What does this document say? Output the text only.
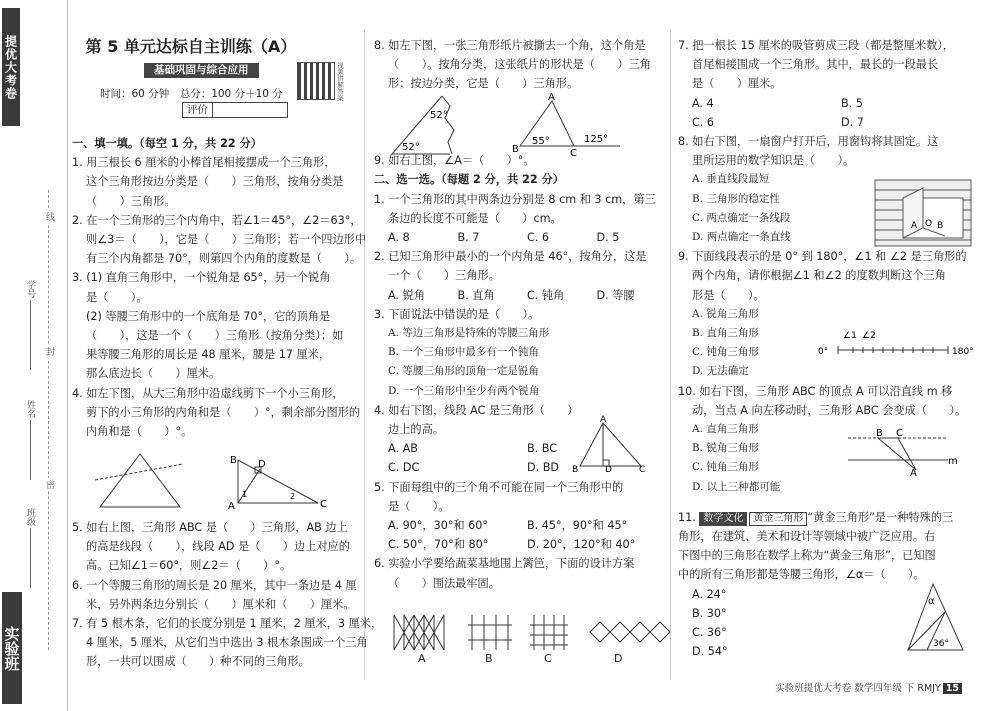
提优大考卷
线
封
密
学号
姓名
班级
实验班
第 5 单元达标自主训练（A）
基础巩固与综合应用
时间：60 分钟　总分：100 分＋10 分
评价
视频讲解答案

一、填一填。（每空 1 分，共 22 分）

1. 用三根长 6 厘米的小棒首尾相接摆成一个三角形，

这个三角形按边分类是（　　）三角形，按角分类是

（　　）三角形。

2. 在一个三角形的三个内角中，若∠1＝45°，∠2＝63°，

则∠3＝（　　），它是（　　）三角形；若一个四边形中

有三个内角都是 70°，则第四个内角的度数是（　　）。

3. (1) 直角三角形中，一个锐角是 65°，另一个锐角

是（　　）。

(2) 等腰三角形中的一个底角是 70°，它的顶角是

（　　），这是一个（　　）三角形（按角分类）；如

果等腰三角形的周长是 48 厘米，腰是 17 厘米，

那么底边长（　　）厘米。

4. 如左下图，从大三角形中沿虚线剪下一个小三角形，

剪下的小三角形的内角和是（　　）°，剩余部分图形的

内角和是（　　）°。

5. 如右上图，三角形 ABC 是（　　）三角形，AB 边上

的高是线段（　　），线段 AD 是（　　）边上对应的

高。已知∠1＝60°，则∠2＝（　　）°。

6. 一个等腰三角形的周长是 20 厘米，其中一条边是 4 厘

米，另外两条边分别长（　　）厘米和（　　）厘米。

7. 有 5 根木条，它们的长度分别是 1 厘米，2 厘米，3 厘米，

4 厘米，5 厘米，从它们当中选出 3 根木条围成一个三角

形，一共可以围成（　　）种不同的三角形。

8. 如左下图，一张三角形纸片被撕去一个角，这个角是

（　　）。按角分类，这张纸片的形状是（　　）三角

形；按边分类，它是（　　）三角形。

9. 如右上图，∠A＝（　　）°。

二、选一选。（每题 2 分，共 22 分）

1. 一个三角形的其中两条边分别是 8 cm 和 3 cm，第三

条边的长度不可能是（　　）cm。

A. 8	B. 7	C. 6	D. 5

2. 已知三角形中最小的一个内角是 46°，按角分，这是

一个（　　）三角形。

A. 锐角	B. 直角	C. 钝角	D. 等腰

3. 下面说法中错误的是（　　）。

A. 等边三角形是特殊的等腰三角形

B. 一个三角形中最多有一个钝角

C. 等腰三角形的顶角一定是锐角

D. 一个三角形中至少有两个锐角

4. 如右下图，线段 AC 是三角形（　　）

边上的高。

A. AB	B. BC

C. DC	D. BD

5. 下面每组中的三个角不可能在同一个三角形中的

是（　　）。

A. 90°，30°和 60°	B. 45°，90°和 45°

C. 50°，70°和 80°	D. 20°，120°和 40°

6. 实验小学要给蔬菜基地围上篱笆，下面的设计方案

（　　）围法最牢固。

7. 把一根长 15 厘米的吸管剪成三段（都是整厘米数），

首尾相接围成一个三角形。其中，最长的一段最长

是（　　）厘米。

A. 4	B. 5

C. 6	D. 7

8. 如右下图，一扇窗户打开后，用窗钩将其固定。这

里所运用的数学知识是（　　）。

A. 垂直线段最短

B. 三角形的稳定性

C. 两点确定一条线段

D. 两点确定一条直线

9. 下面线段表示的是 0° 到 180°，∠1 和 ∠2 是三角形的

两个内角，请你根据∠1 和∠2 的度数判断这个三角

形是（　　）。

A. 锐角三角形

B. 直角三角形

C. 钝角三角形

D. 无法确定

10. 如右下图，三角形 ABC 的顶点 A 可以沿直线 m 移

动，当点 A 向左移动时，三角形 ABC 会变成（　　）。

A. 直角三角形

B. 锐角三角形

C. 钝角三角形

D. 以上三种都可能

11. 数学文化 黄金三角形 “黄金三角形”是一种特殊的三

角形，在建筑、美术和设计等领域中被广泛应用。右

下图中的三角形在数学上称为“黄金三角形”，已知图

中的所有三角形都是等腰三角形，∠α＝（　　）。

A. 24°

B. 30°

C. 36°

D. 54°

B D
A
1	2
C
52°
52°
A
B
55°
C
125°
A
B	D	C
A	B	C	D
A O B
∠1 ∠2
0°	180°
B C
A
m
α
36°
实验班提优大考卷 数学四年级 下 RMJY 15
